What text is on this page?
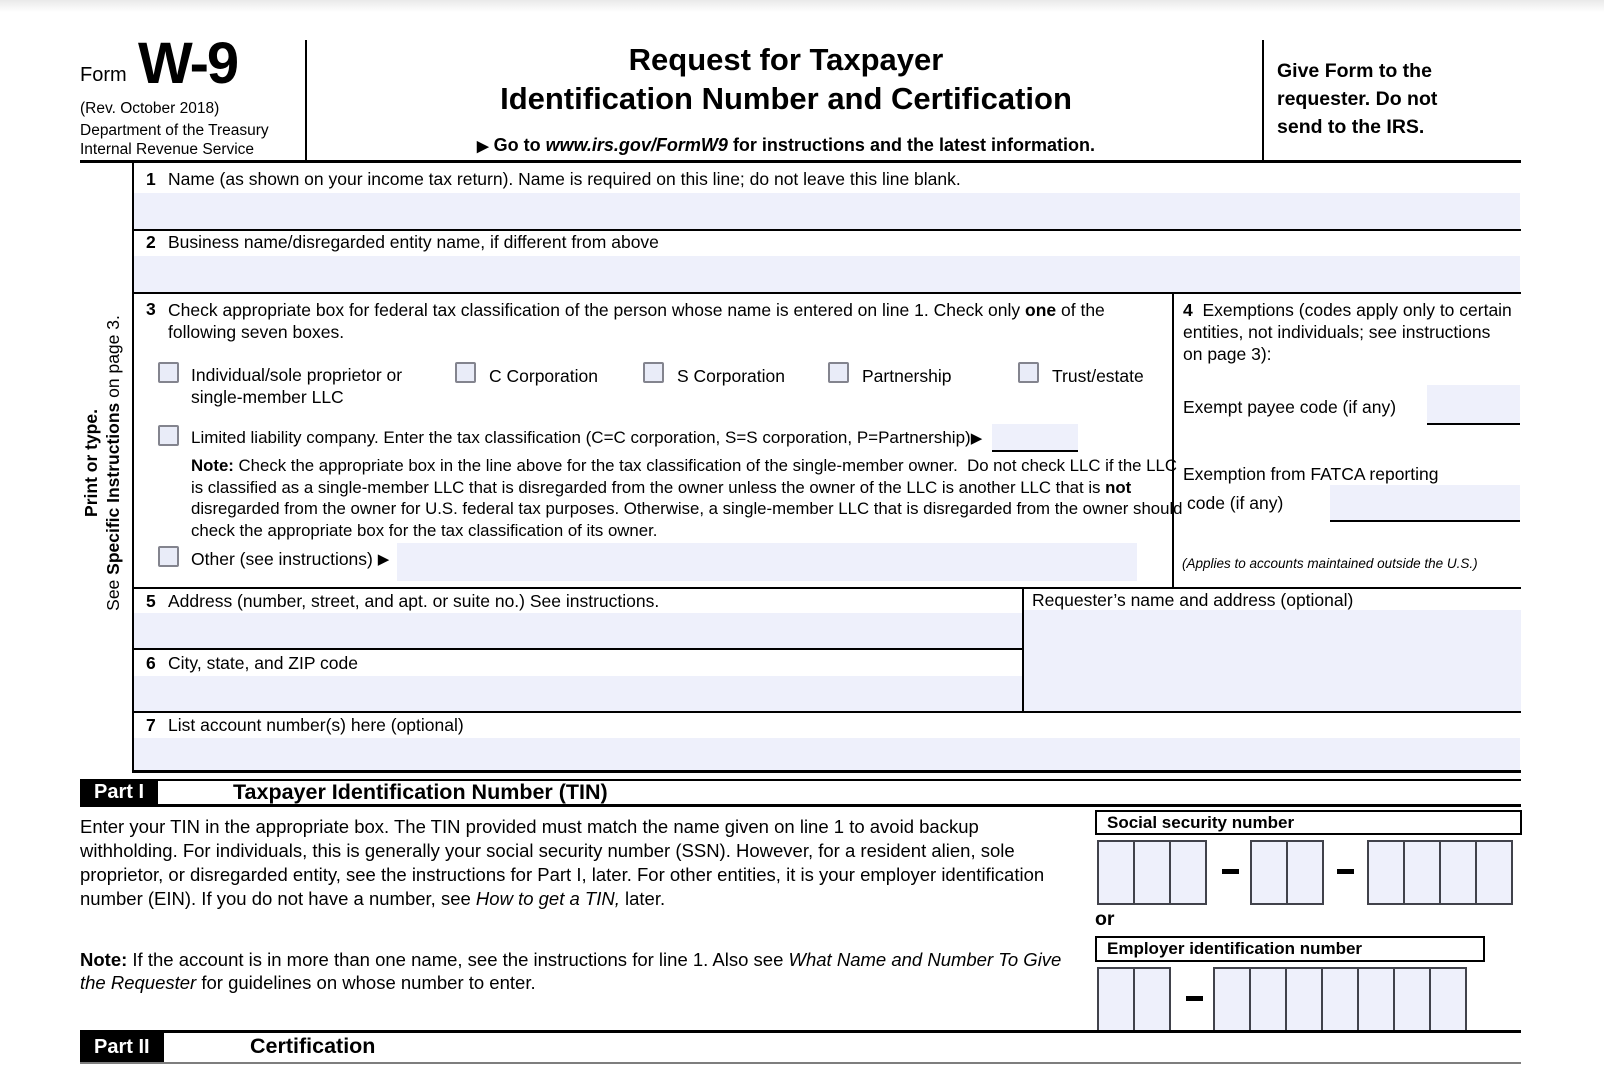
Form W-9
(Rev. October 2018)
Department of the Treasury
Internal Revenue Service
Request for Taxpayer
Identification Number and Certification
▶ Go to www.irs.gov/FormW9 for instructions and the latest information.
Give Form to the requester. Do not send to the IRS.
Print or type.
See Specific Instructions on page 3.
1 Name (as shown on your income tax return). Name is required on this line; do not leave this line blank.
2 Business name/disregarded entity name, if different from above
3 Check appropriate box for federal tax classification of the person whose name is entered on line 1. Check only one of the following seven boxes.
Individual/sole proprietor or single-member LLC
C Corporation	S Corporation	Partnership	Trust/estate
Limited liability company. Enter the tax classification (C=C corporation, S=S corporation, P=Partnership) ▶
Note: Check the appropriate box in the line above for the tax classification of the single-member owner.  Do not check LLC if the LLC is classified as a single-member LLC that is disregarded from the owner unless the owner of the LLC is another LLC that is not disregarded from the owner for U.S. federal tax purposes. Otherwise, a single-member LLC that is disregarded from the owner should check the appropriate box for the tax classification of its owner.
Other (see instructions) ▶
4 Exemptions (codes apply only to certain entities, not individuals; see instructions on page 3):
Exempt payee code (if any)
Exemption from FATCA reporting
code (if any)
(Applies to accounts maintained outside the U.S.)
5 Address (number, street, and apt. or suite no.) See instructions.	Requester’s name and address (optional)
6 City, state, and ZIP code
7 List account number(s) here (optional)
Part I	Taxpayer Identification Number (TIN)
Enter your TIN in the appropriate box. The TIN provided must match the name given on line 1 to avoid backup withholding. For individuals, this is generally your social security number (SSN). However, for a resident alien, sole proprietor, or disregarded entity, see the instructions for Part I, later. For other entities, it is your employer identification number (EIN). If you do not have a number, see How to get a TIN, later.
Note: If the account is in more than one name, see the instructions for line 1. Also see What Name and Number To Give the Requester for guidelines on whose number to enter.
Social security number
or
Employer identification number
Part II	Certification
